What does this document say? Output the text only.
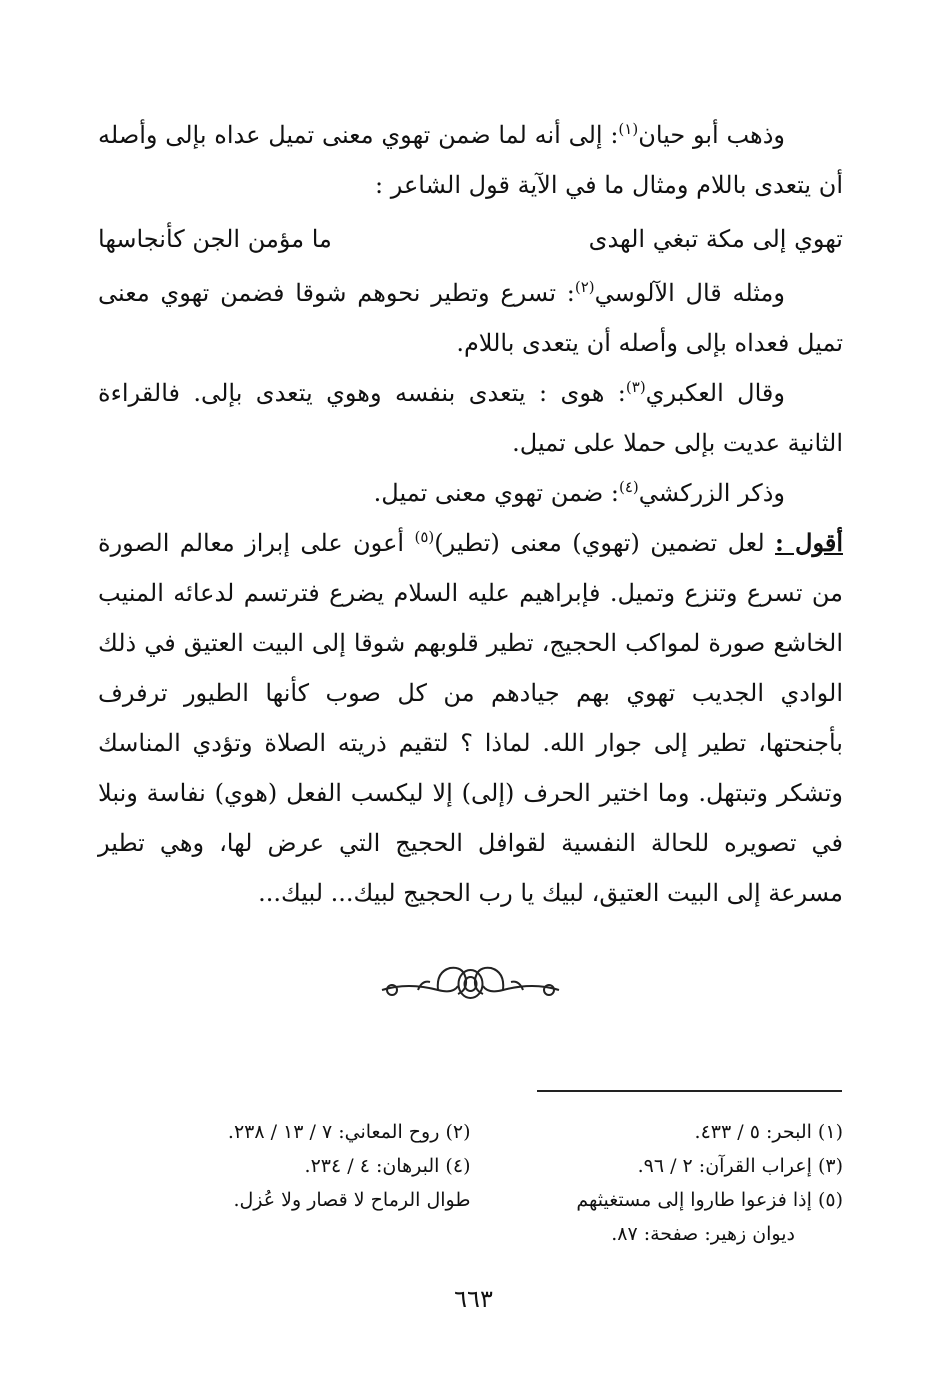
وذهب أبو حيان$^{(١)}$: إلى أنه لما ضمن تهوي معنى تميل عداه بإلى وأصله أن يتعدى باللام ومثال ما في الآية قول الشاعر :

تهوي إلى مكة تبغي الهدى
ما مؤمن الجن كأنجاسها

ومثله قال الآلوسي$^{(٢)}$: تسرع وتطير نحوهم شوقا فضمن تهوي معنى تميل فعداه بإلى وأصله أن يتعدى باللام.

وقال العكبري$^{(٣)}$: هوى : يتعدى بنفسه وهوي يتعدى بإلى. فالقراءة الثانية عديت بإلى حملا على تميل.

وذكر الزركشي$^{(٤)}$: ضمن تهوي معنى تميل.

أقول : لعل تضمين (تهوي) معنى (تطير)$^{(٥)}$ أعون على إبراز معالم الصورة من تسرع وتنزع وتميل. فإبراهيم عليه السلام يضرع فترتسم لدعائه المنيب الخاشع صورة لمواكب الحجيج، تطير قلوبهم شوقا إلى البيت العتيق في ذلك الوادي الجديب تهوي بهم جيادهم من كل صوب كأنها الطيور ترفرف بأجنحتها، تطير إلى جوار الله. لماذا ؟ لتقيم ذريته الصلاة وتؤدي المناسك وتشكر وتبتهل. وما اختير الحرف (إلى) إلا ليكسب الفعل (هوي) نفاسة ونبلا في تصويره للحالة النفسية لقوافل الحجيج التي عرض لها، وهي تطير مسرعة إلى البيت العتيق، لبيك يا رب الحجيج لبيك... لبيك...

(١) البحر: ٥ / ٤٣٣.
(٢) روح المعاني: ٧ / ١٣ / ٢٣٨.
(٣) إعراب القرآن: ٢ / ٩٦.
(٤) البرهان: ٤ / ٢٣٤.
(٥) إذا فزعوا طاروا إلى مستغيثهم
طوال الرماح لا قصار ولا عُزل.
ديوان زهير: صفحة: ٨٧.
٦٦٣
